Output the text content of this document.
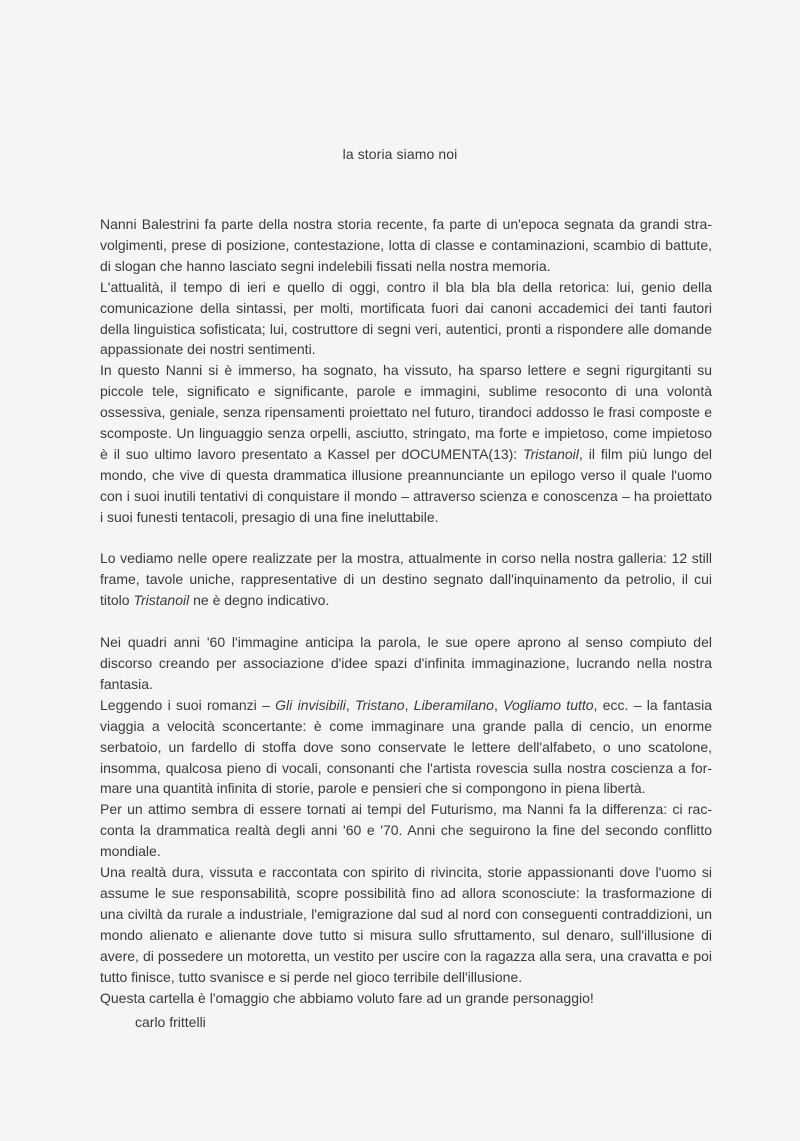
la storia siamo noi

Nanni Balestrini fa parte della nostra storia recente, fa parte di un'epoca segnata da grandi stravolgimenti, prese di posizione, contestazione, lotta di classe e contaminazioni, scambio di battute, di slogan che hanno lasciato segni indelebili fissati nella nostra memoria.

L'attualità, il tempo di ieri e quello di oggi, contro il bla bla bla della retorica: lui, genio della comunicazione della sintassi, per molti, mortificata fuori dai canoni accademici dei tanti fautori della linguistica sofisticata; lui, costruttore di segni veri, autentici, pronti a rispondere alle domande appassionate dei nostri sentimenti.

In questo Nanni si è immerso, ha sognato, ha vissuto, ha sparso lettere e segni rigurgitanti su piccole tele, significato e significante, parole e immagini, sublime resoconto di una volontà ossessiva, geniale, senza ripensamenti proiettato nel futuro, tirandoci addosso le frasi composte e scomposte. Un linguaggio senza orpelli, asciutto, stringato, ma forte e impietoso, come impietoso è il suo ultimo lavoro presentato a Kassel per dOCUMENTA(13): Tristanoil, il film più lungo del mondo, che vive di questa drammatica illusione preannunciante un epilogo verso il quale l'uomo con i suoi inutili tentativi di conquistare il mondo – attraverso scienza e conoscenza – ha proiettato i suoi funesti tentacoli, presagio di una fine ineluttabile.

Lo vediamo nelle opere realizzate per la mostra, attualmente in corso nella nostra galleria: 12 still frame, tavole uniche, rappresentative di un destino segnato dall'inquinamento da petrolio, il cui titolo Tristanoil ne è degno indicativo.

Nei quadri anni '60 l'immagine anticipa la parola, le sue opere aprono al senso compiuto del discorso creando per associazione d'idee spazi d'infinita immaginazione, lucrando nella nostra fantasia.

Leggendo i suoi romanzi – Gli invisibili, Tristano, Liberamilano, Vogliamo tutto, ecc. – la fantasia viaggia a velocità sconcertante: è come immaginare una grande palla di cencio, un enorme serbatoio, un fardello di stoffa dove sono conservate le lettere dell'alfabeto, o uno scatolone, insomma, qualcosa pieno di vocali, consonanti che l'artista rovescia sulla nostra coscienza a formare una quantità infinita di storie, parole e pensieri che si compongono in piena libertà.

Per un attimo sembra di essere tornati ai tempi del Futurismo, ma Nanni fa la differenza: ci racconta la drammatica realtà degli anni '60 e '70. Anni che seguirono la fine del secondo conflitto mondiale.

Una realtà dura, vissuta e raccontata con spirito di rivincita, storie appassionanti dove l'uomo si assume le sue responsabilità, scopre possibilità fino ad allora sconosciute: la trasformazione di una civiltà da rurale a industriale, l'emigrazione dal sud al nord con conseguenti contraddizioni, un mondo alienato e alienante dove tutto si misura sullo sfruttamento, sul denaro, sull'illusione di avere, di possedere un motoretta, un vestito per uscire con la ragazza alla sera, una cravatta e poi tutto finisce, tutto svanisce e si perde nel gioco terribile dell'illusione.

Questa cartella è l'omaggio che abbiamo voluto fare ad un grande personaggio!

carlo frittelli
